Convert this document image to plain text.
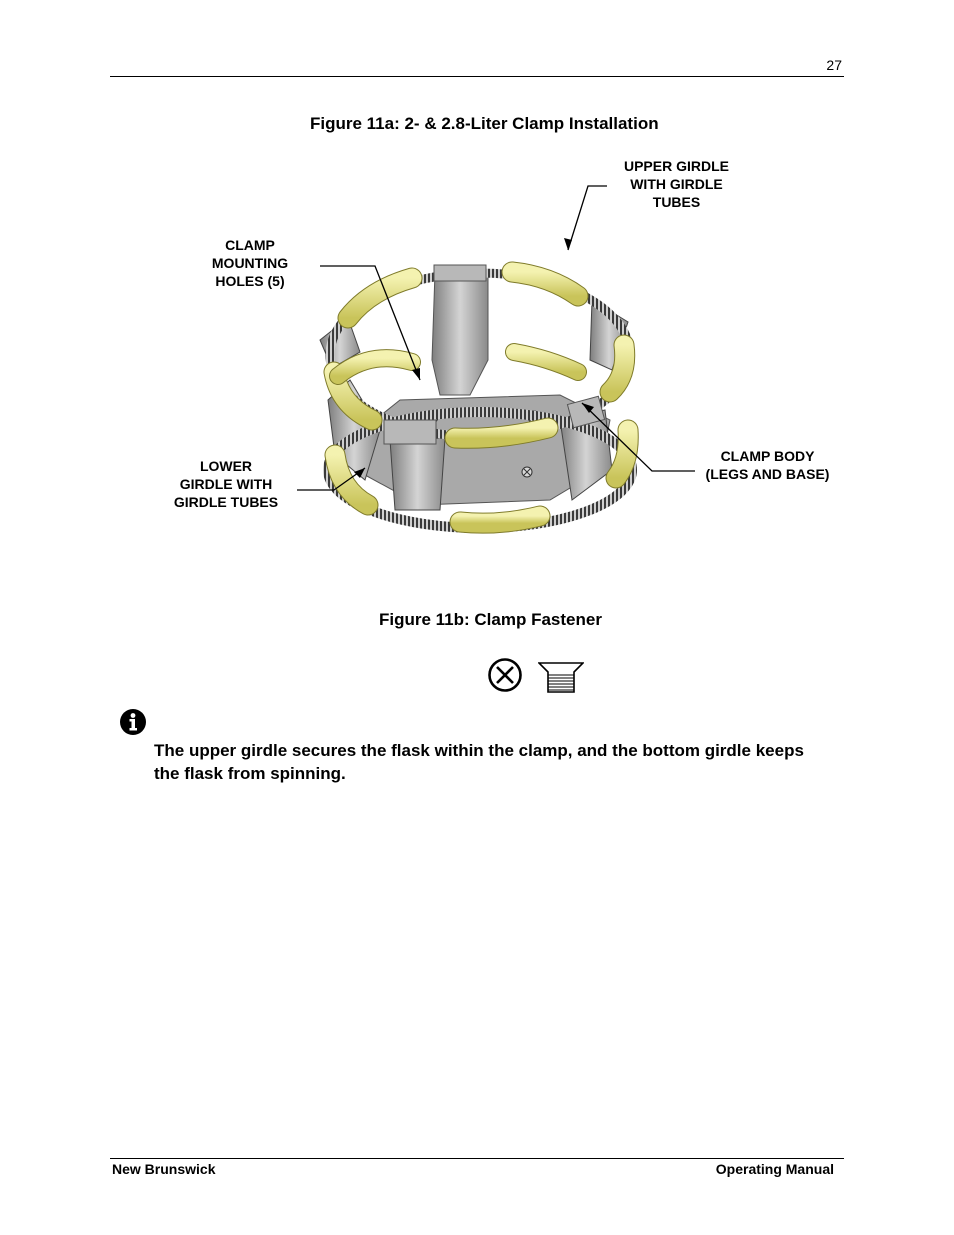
27
Figure 11a: 2- & 2.8-Liter Clamp Installation
UPPER GIRDLE
WITH GIRDLE
TUBES
CLAMP
MOUNTING
HOLES (5)
CLAMP BODY
(LEGS AND BASE)
LOWER
GIRDLE WITH
GIRDLE TUBES
Figure 11b: Clamp Fastener
The upper girdle secures the flask within the clamp, and the bottom girdle keeps the flask from spinning.
New Brunswick	Operating Manual
